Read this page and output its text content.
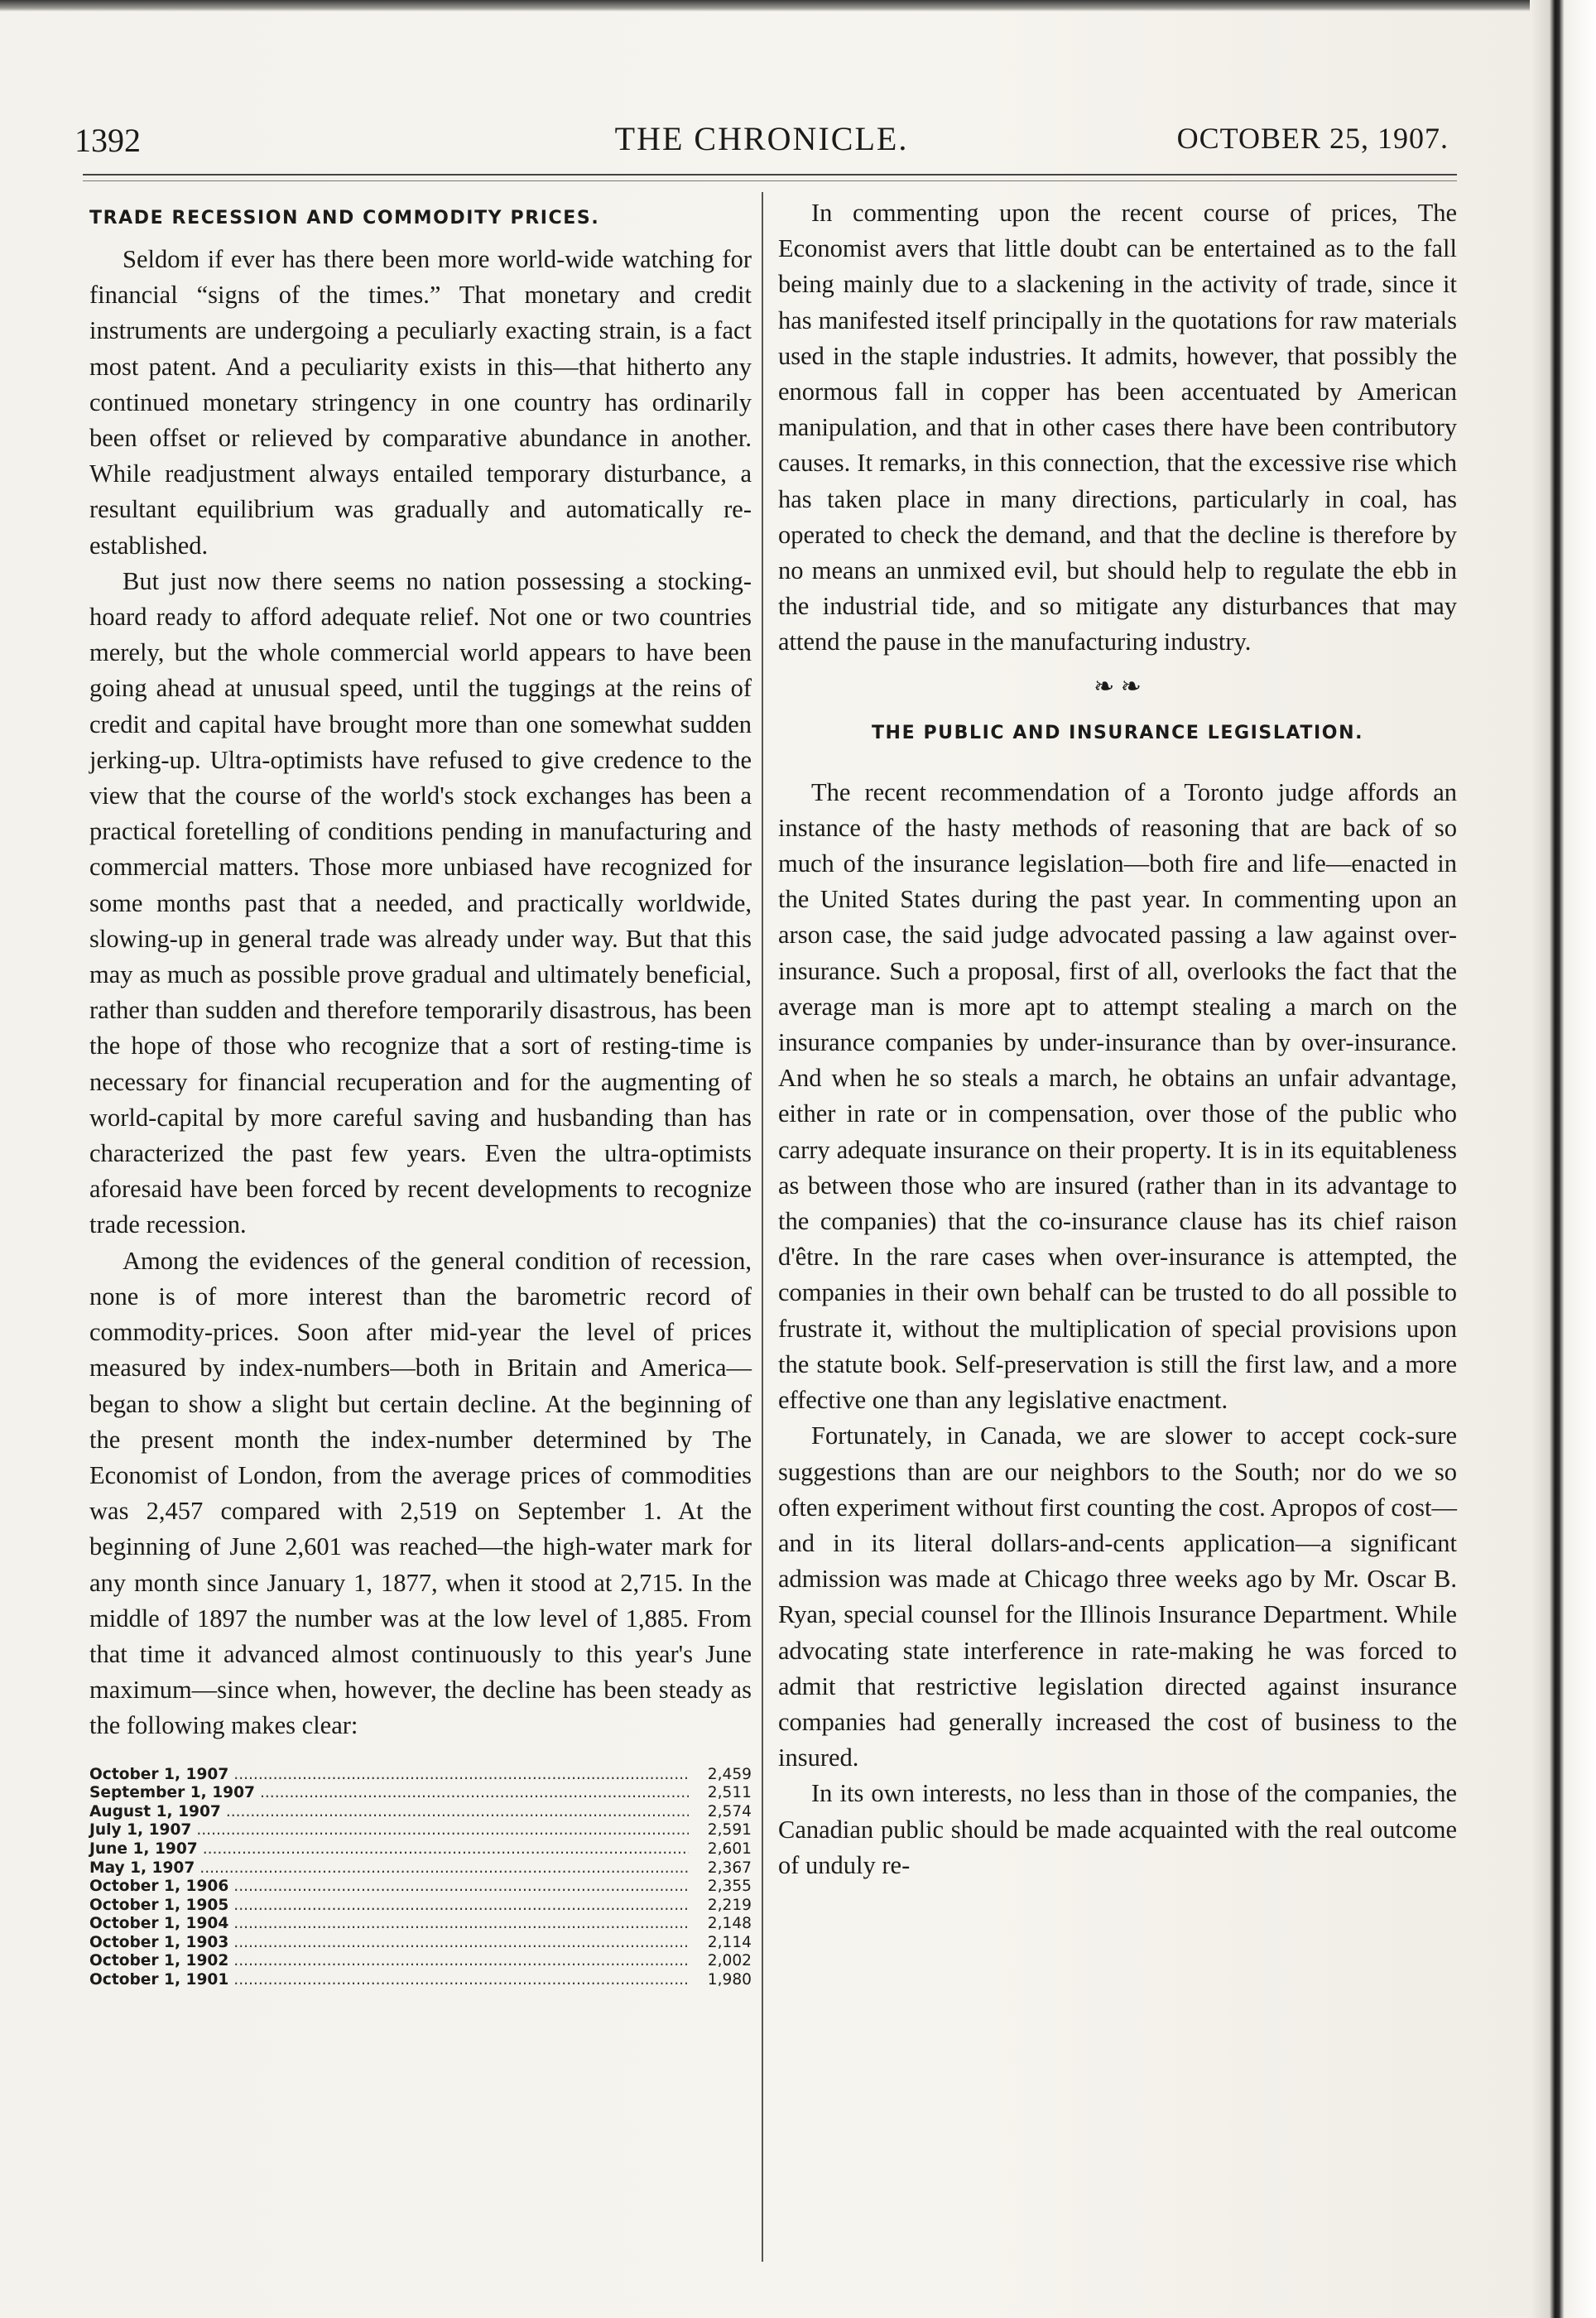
1392	THE CHRONICLE.	OCTOBER 25, 1907.
TRADE RECESSION AND COMMODITY PRICES.

Seldom if ever has there been more world-wide watching for financial “signs of the times.” That monetary and credit instruments are undergoing a peculiarly exacting strain, is a fact most patent. And a peculiarity exists in this—that hitherto any continued monetary stringency in one country has ordinarily been offset or relieved by comparative abundance in another. While readjustment always entailed temporary disturbance, a resultant equilibrium was gradually and automatically re-established.

But just now there seems no nation possessing a stocking-hoard ready to afford adequate relief. Not one or two countries merely, but the whole commercial world appears to have been going ahead at unusual speed, until the tuggings at the reins of credit and capital have brought more than one somewhat sudden jerking-up. Ultra-optimists have refused to give credence to the view that the course of the world's stock exchanges has been a practical foretelling of conditions pending in manufacturing and commercial matters. Those more unbiased have recognized for some months past that a needed, and practically worldwide, slowing-up in general trade was already under way. But that this may as much as possible prove gradual and ultimately beneficial, rather than sudden and therefore temporarily disastrous, has been the hope of those who recognize that a sort of resting-time is necessary for financial recuperation and for the augmenting of world-capital by more careful saving and husbanding than has characterized the past few years. Even the ultra-optimists aforesaid have been forced by recent developments to recognize trade recession.

Among the evidences of the general condition of recession, none is of more interest than the barometric record of commodity-prices. Soon after mid-year the level of prices measured by index-numbers—both in Britain and America—began to show a slight but certain decline. At the beginning of the present month the index-number determined by The Economist of London, from the average prices of commodities was 2,457 compared with 2,519 on September 1. At the beginning of June 2,601 was reached—the high-water mark for any month since January 1, 1877, when it stood at 2,715. In the middle of 1897 the number was at the low level of 1,885. From that time it advanced almost continuously to this year's June maximum—since when, however, the decline has been steady as the following makes clear:

October 1, 1907 .....	2,459
September 1, 1907 .....	2,511
August 1, 1907 .....	2,574
July 1, 1907 .....	2,591
June 1, 1907 .....	2,601
May 1, 1907 .....	2,367
October 1, 1906 .....	2,355
October 1, 1905 .....	2,219
October 1, 1904 .....	2,148
October 1, 1903 .....	2,114
October 1, 1902 .....	2,002
October 1, 1901 .....	1,980

In commenting upon the recent course of prices, The Economist avers that little doubt can be entertained as to the fall being mainly due to a slackening in the activity of trade, since it has manifested itself principally in the quotations for raw materials used in the staple industries. It admits, however, that possibly the enormous fall in copper has been accentuated by American manipulation, and that in other cases there have been contributory causes. It remarks, in this connection, that the excessive rise which has taken place in many directions, particularly in coal, has operated to check the demand, and that the decline is therefore by no means an unmixed evil, but should help to regulate the ebb in the industrial tide, and so mitigate any disturbances that may attend the pause in the manufacturing industry.

❧ ❧
THE PUBLIC AND INSURANCE LEGISLATION.

The recent recommendation of a Toronto judge affords an instance of the hasty methods of reasoning that are back of so much of the insurance legislation—both fire and life—enacted in the United States during the past year. In commenting upon an arson case, the said judge advocated passing a law against over-insurance. Such a proposal, first of all, overlooks the fact that the average man is more apt to attempt stealing a march on the insurance companies by under-insurance than by over-insurance. And when he so steals a march, he obtains an unfair advantage, either in rate or in compensation, over those of the public who carry adequate insurance on their property. It is in its equitableness as between those who are insured (rather than in its advantage to the companies) that the co-insurance clause has its chief raison d'être. In the rare cases when over-insurance is attempted, the companies in their own behalf can be trusted to do all possible to frustrate it, without the multiplication of special provisions upon the statute book. Self-preservation is still the first law, and a more effective one than any legislative enactment.

Fortunately, in Canada, we are slower to accept cock-sure suggestions than are our neighbors to the South; nor do we so often experiment without first counting the cost. Apropos of cost—and in its literal dollars-and-cents application—a significant admission was made at Chicago three weeks ago by Mr. Oscar B. Ryan, special counsel for the Illinois Insurance Department. While advocating state interference in rate-making he was forced to admit that restrictive legislation directed against insurance companies had generally increased the cost of business to the insured.

In its own interests, no less than in those of the companies, the Canadian public should be made acquainted with the real outcome of unduly re-
